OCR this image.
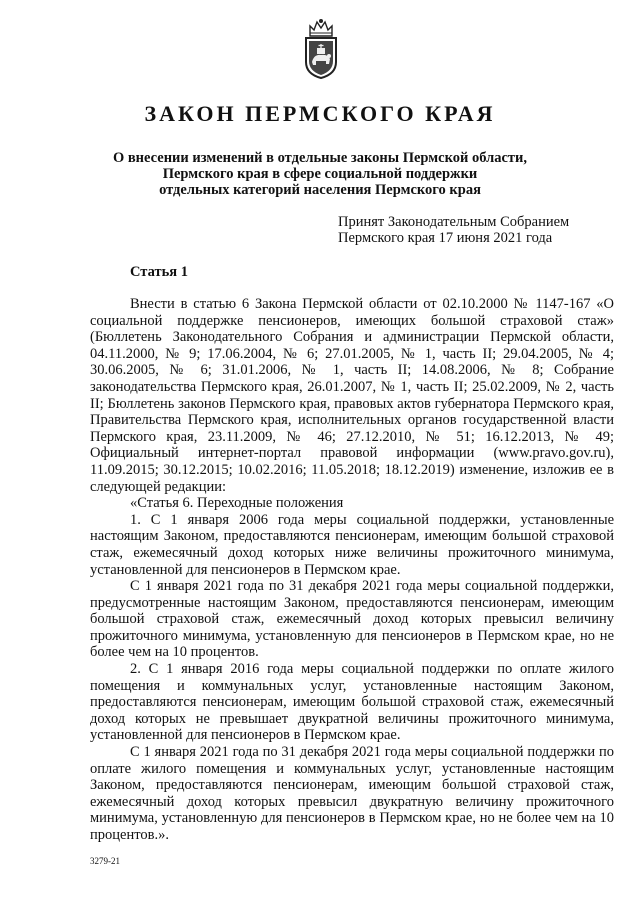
ЗАКОН ПЕРМСКОГО КРАЯ
О внесении изменений в отдельные законы Пермской области,
Пермского края в сфере социальной поддержки
отдельных категорий населения Пермского края
Принят Законодательным Собранием
Пермского края 17 июня 2021 года
Статья 1

Внести в статью 6 Закона Пермской области от 02.10.2000 № 1147-167 «О социальной поддержке пенсионеров, имеющих большой страховой стаж» (Бюллетень Законодательного Собрания и администрации Пермской области, 04.11.2000, № 9; 17.06.2004, № 6; 27.01.2005, № 1, часть II; 29.04.2005, № 4; 30.06.2005, № 6; 31.01.2006, № 1, часть II; 14.08.2006, № 8; Собрание законодательства Пермского края, 26.01.2007, № 1, часть II; 25.02.2009, № 2, часть II; Бюллетень законов Пермского края, правовых актов губернатора Пермского края, Правительства Пермского края, исполнительных органов государственной власти Пермского края, 23.11.2009, № 46; 27.12.2010, № 51; 16.12.2013, № 49; Официальный интернет-портал правовой информации (www.pravo.gov.ru), 11.09.2015; 30.12.2015; 10.02.2016; 11.05.2018; 18.12.2019) изменение, изложив ее в следующей редакции:

«Статья 6. Переходные положения

1. С 1 января 2006 года меры социальной поддержки, установленные настоящим Законом, предоставляются пенсионерам, имеющим большой страховой стаж, ежемесячный доход которых ниже величины прожиточного минимума, установленной для пенсионеров в Пермском крае.

С 1 января 2021 года по 31 декабря 2021 года меры социальной поддержки, предусмотренные настоящим Законом, предоставляются пенсионерам, имеющим большой страховой стаж, ежемесячный доход которых превысил величину прожиточного минимума, установленную для пенсионеров в Пермском крае, но не более чем на 10 процентов.

2. С 1 января 2016 года меры социальной поддержки по оплате жилого помещения и коммунальных услуг, установленные настоящим Законом, предоставляются пенсионерам, имеющим большой страховой стаж, ежемесячный доход которых не превышает двукратной величины прожиточного минимума, установленной для пенсионеров в Пермском крае.

С 1 января 2021 года по 31 декабря 2021 года меры социальной поддержки по оплате жилого помещения и коммунальных услуг, установленные настоящим Законом, предоставляются пенсионерам, имеющим большой страховой стаж, ежемесячный доход которых превысил двукратную величину прожиточного минимума, установленную для пенсионеров в Пермском крае, но не более чем на 10 процентов.».

3279-21
